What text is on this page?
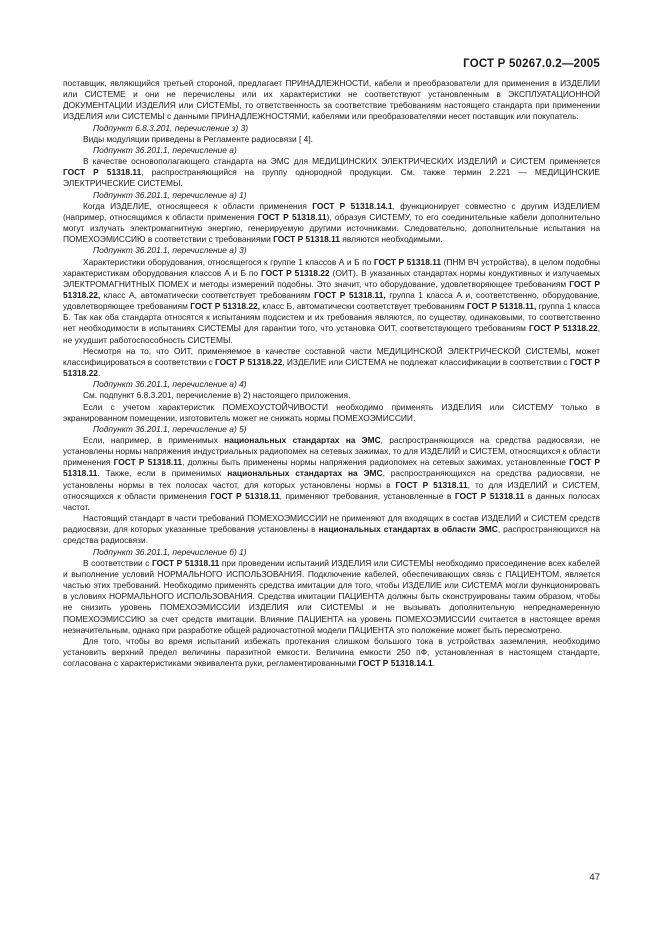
ГОСТ Р 50267.0.2—2005

поставщик, являющийся третьей стороной, предлагает ПРИНАДЛЕЖНОСТИ, кабели и преобразователи для применения в ИЗДЕЛИИ или СИСТЕМЕ и они не перечислены или их характеристики не соответствуют установленным в ЭКСПЛУАТАЦИОННОЙ ДОКУМЕНТАЦИИ ИЗДЕЛИЯ или СИСТЕМЫ, то ответственность за соответствие требованиям настоящего стандарта при применении ИЗДЕЛИЯ или СИСТЕМЫ с данными ПРИНАДЛЕЖНОСТЯМИ, кабелями или преобразователями несет поставщик или покупатель.

Подпункт 6.8.3.201, перечисление з) 3)

Виды модуляции приведены в Регламенте радиосвязи [ 4].

Подпункт 36.201.1, перечисление а)

В качестве основополагающего стандарта на ЭМС для МЕДИЦИНСКИХ ЭЛЕКТРИЧЕСКИХ ИЗДЕЛИЙ и СИСТЕМ применяется ГОСТ Р 51318.11, распространяющийся на группу однородной продукции. См. также термин 2.221 — МЕДИЦИНСКИЕ ЭЛЕКТРИЧЕСКИЕ СИСТЕМЫ.

Подпункт 36.201.1, перечисление а) 1)

Когда ИЗДЕЛИЕ, относящееся к области применения ГОСТ Р 51318.14.1, функционирует совместно с другим ИЗДЕЛИЕМ (например, относящимся к области применения ГОСТ Р 51318.11), образуя СИСТЕМУ, то его соединительные кабели дополнительно могут излучать электромагнитную энергию, генерируемую другими источниками. Следовательно, дополнительные испытания на ПОМЕХОЭМИССИЮ в соответствии с требованиями ГОСТ Р 51318.11 являются необходимыми.

Подпункт 36.201.1, перечисление а) 3)

Характеристики оборудования, относящегося к группе 1 классов А и Б по ГОСТ Р 51318.11 (ПНМ ВЧ устройства), в целом подобны характеристикам оборудования классов А и Б по ГОСТ Р 51318.22 (ОИТ). В указанных стандартах нормы кондуктивных и излучаемых ЭЛЕКТРОМАГНИТНЫХ ПОМЕХ и методы измерений подобны. Это значит, что оборудование, удовлетворяющее требованиям ГОСТ Р 51318.22, класс А, автоматически соответствует требованиям ГОСТ Р 51318.11, группа 1 класса А и, соответственно, оборудование, удовлетворяющее требованиям ГОСТ Р 51318.22, класс Б, автоматически соответствует требованиям ГОСТ Р 51318.11, группа 1 класса Б. Так как оба стандарта относятся к испытаниям подсистем и их требования являются, по существу, одинаковыми, то соответственно нет необходимости в испытаниях СИСТЕМЫ для гарантии того, что установка ОИТ, соответствующего требованиям ГОСТ Р 51318.22, не ухудшит работоспособность СИСТЕМЫ.

Несмотря на то, что ОИТ, применяемое в качестве составной части МЕДИЦИНСКОЙ ЭЛЕКТРИЧЕСКОЙ СИСТЕМЫ, может классифицироваться в соответствии с ГОСТ Р 51318.22, ИЗДЕЛИЕ или СИСТЕМА не подлежат классификации в соответствии с ГОСТ Р 51318.22.

Подпункт 36.201.1, перечисление а) 4)

См. подпункт 6.8.3.201, перечисление в) 2) настоящего приложения.

Если с учетом характеристик ПОМЕХОУСТОЙЧИВОСТИ необходимо применять ИЗДЕЛИЯ или СИСТЕМУ только в экранированном помещении, изготовитель может не снижать нормы ПОМЕХОЭМИССИИ.

Подпункт 36.201.1, перечисление а) 5)

Если, например, в применимых национальных стандартах на ЭМС, распространяющихся на средства радиосвязи, не установлены нормы напряжения индустриальных радиопомех на сетевых зажимах, то для ИЗДЕЛИЙ и СИСТЕМ, относящихся к области применения ГОСТ Р 51318.11, должны быть применены нормы напряжения радиопомех на сетевых зажимах, установленные ГОСТ Р 51318.11. Также, если в применимых национальных стандартах на ЭМС, распространяющихся на средства радиосвязи, не установлены нормы в тех полосах частот, для которых установлены нормы в ГОСТ Р 51318.11, то для ИЗДЕЛИЙ и СИСТЕМ, относящихся к области применения ГОСТ Р 51318.11, применяют требования, установленные в ГОСТ Р 51318.11 в данных полосах частот.

Настоящий стандарт в части требований ПОМЕХОЭМИССИИ не применяют для входящих в состав ИЗДЕЛИЙ и СИСТЕМ средств радиосвязи, для которых указанные требования установлены в национальных стандартах в области ЭМС, распространяющихся на средства радиосвязи.

Подпункт 36.201.1, перечисление б) 1)

В соответствии с ГОСТ Р 51318.11 при проведении испытаний ИЗДЕЛИЯ или СИСТЕМЫ необходимо присоединение всех кабелей и выполнение условий НОРМАЛЬНОГО ИСПОЛЬЗОВАНИЯ. Подключение кабелей, обеспечивающих связь с ПАЦИЕНТОМ, является частью этих требований. Необходимо применять средства имитации для того, чтобы ИЗДЕЛИЕ или СИСТЕМА могли функционировать в условиях НОРМАЛЬНОГО ИСПОЛЬЗОВАНИЯ. Средства имитации ПАЦИЕНТА должны быть сконструированы таким образом, чтобы не снизить уровень ПОМЕХОЭМИССИИ ИЗДЕЛИЯ или СИСТЕМЫ и не вызывать дополнительную непреднамеренную ПОМЕХОЭМИССИЮ за счет средств имитации. Влияние ПАЦИЕНТА на уровень ПОМЕХОЭМИССИИ считается в настоящее время незначительным, однако при разработке общей радиочастотной модели ПАЦИЕНТА это положение может быть пересмотрено.

Для того, чтобы во время испытаний избежать протекания слишком большого тока в устройствах заземления, необходимо установить верхний предел величины паразитной емкости. Величина емкости 250 пФ, установленная в настоящем стандарте, согласована с характеристиками эквивалента руки, регламентированными ГОСТ Р 51318.14.1.

47
